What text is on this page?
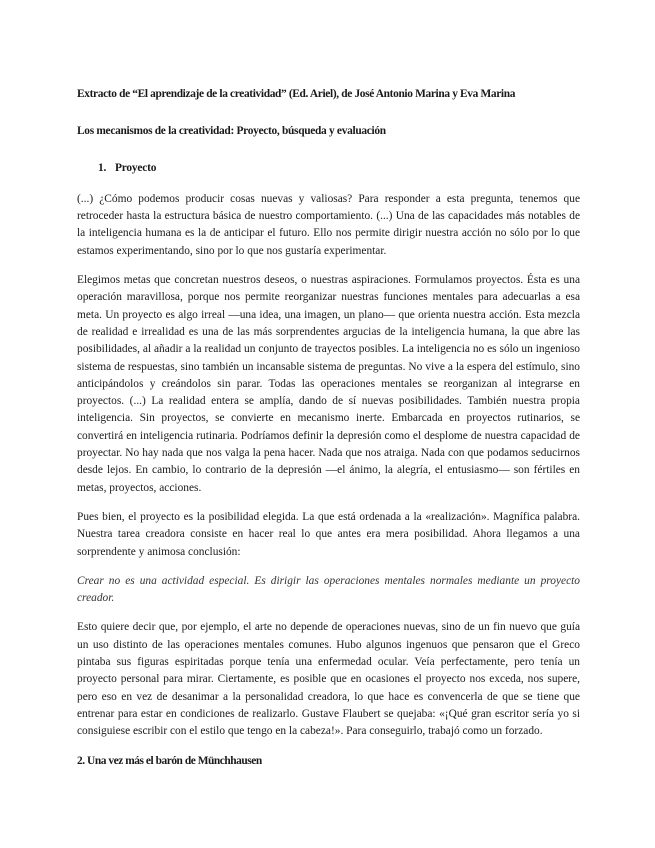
Extracto de “El aprendizaje de la creatividad” (Ed. Ariel), de José Antonio Marina y Eva Marina

Los mecanismos de la creatividad: Proyecto, búsqueda y evaluación

1. Proyecto

(...) ¿Cómo podemos producir cosas nuevas y valiosas? Para responder a esta pregunta, tenemos que retroceder hasta la estructura básica de nuestro comportamiento. (...) Una de las capacidades más notables de la inteligencia humana es la de anticipar el futuro. Ello nos permite dirigir nuestra acción no sólo por lo que estamos experimentando, sino por lo que nos gustaría experimentar.

Elegimos metas que concretan nuestros deseos, o nuestras aspiraciones. Formulamos proyectos. Ésta es una operación maravillosa, porque nos permite reorganizar nuestras funciones mentales para adecuarlas a esa meta. Un proyecto es algo irreal —una idea, una imagen, un plano— que orienta nuestra acción. Esta mezcla de realidad e irrealidad es una de las más sorprendentes argucias de la inteligencia humana, la que abre las posibilidades, al añadir a la realidad un conjunto de trayectos posibles. La inteligencia no es sólo un ingenioso sistema de respuestas, sino también un incansable sistema de preguntas. No vive a la espera del estímulo, sino anticipándolos y creándolos sin parar. Todas las operaciones mentales se reorganizan al integrarse en proyectos. (...) La realidad entera se amplía, dando de sí nuevas posibilidades. También nuestra propia inteligencia. Sin proyectos, se convierte en mecanismo inerte. Embarcada en proyectos rutinarios, se convertirá en inteligencia rutinaria. Podríamos definir la depresión como el desplome de nuestra capacidad de proyectar. No hay nada que nos valga la pena hacer. Nada que nos atraiga. Nada con que podamos seducirnos desde lejos. En cambio, lo contrario de la depresión —el ánimo, la alegría, el entusiasmo— son fértiles en metas, proyectos, acciones.

Pues bien, el proyecto es la posibilidad elegida. La que está ordenada a la «realización». Magnífica palabra. Nuestra tarea creadora consiste en hacer real lo que antes era mera posibilidad. Ahora llegamos a una sorprendente y animosa conclusión:

Crear no es una actividad especial. Es dirigir las operaciones mentales normales mediante un proyecto creador.

Esto quiere decir que, por ejemplo, el arte no depende de operaciones nuevas, sino de un fin nuevo que guía un uso distinto de las operaciones mentales comunes. Hubo algunos ingenuos que pensaron que el Greco pintaba sus figuras espiritadas porque tenía una enfermedad ocular. Veía perfectamente, pero tenía un proyecto personal para mirar. Ciertamente, es posible que en ocasiones el proyecto nos exceda, nos supere, pero eso en vez de desanimar a la personalidad creadora, lo que hace es convencerla de que se tiene que entrenar para estar en condiciones de realizarlo. Gustave Flaubert se quejaba: «¡Qué gran escritor sería yo si consiguiese escribir con el estilo que tengo en la cabeza!». Para conseguirlo, trabajó como un forzado.

2. Una vez más el barón de Münchhausen
